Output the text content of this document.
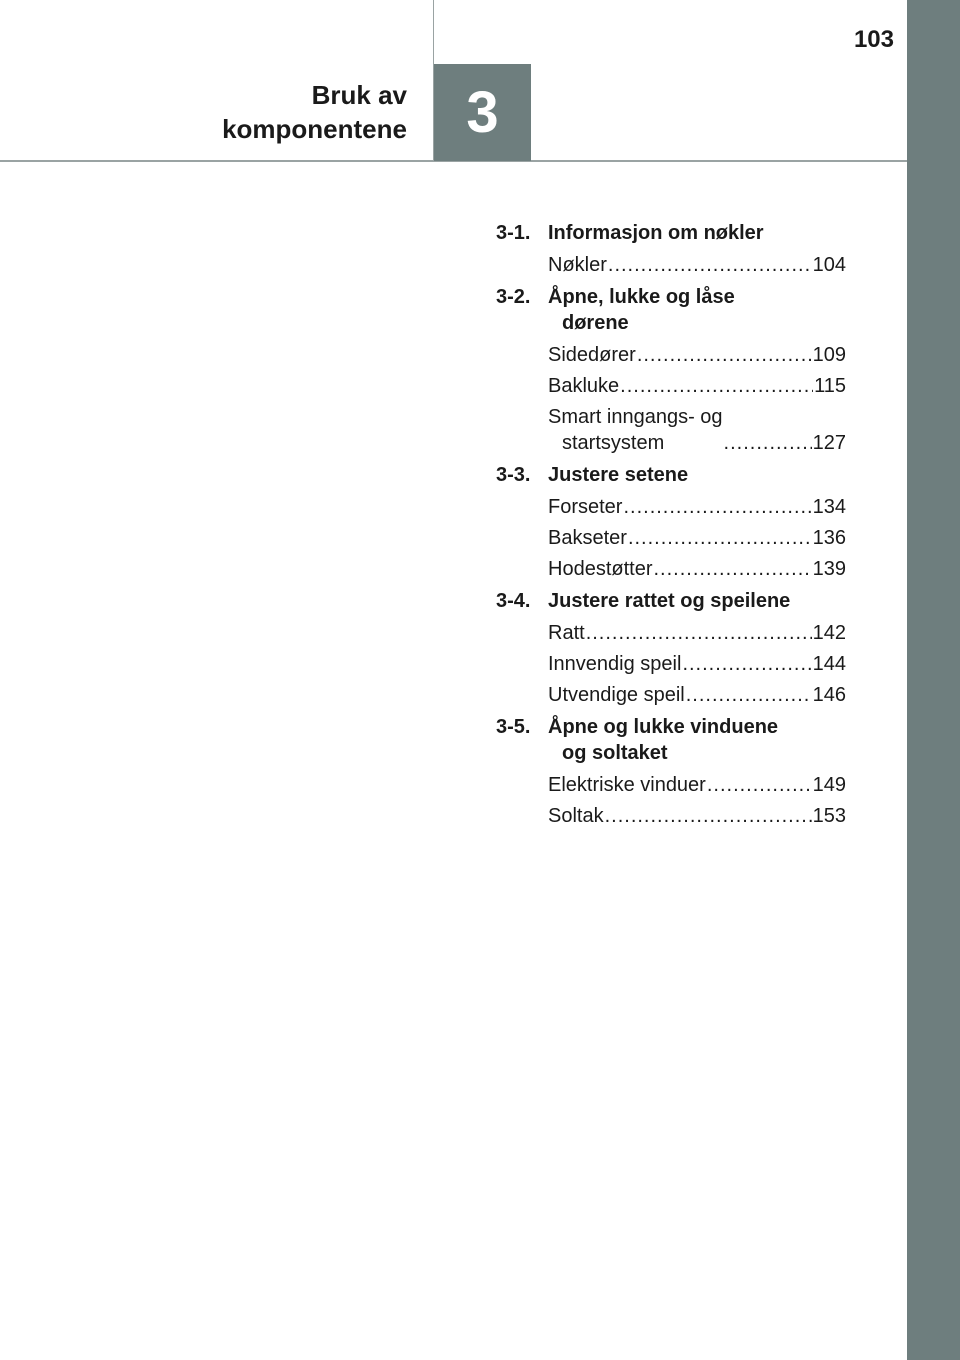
103
Bruk av
komponentene	3
3-1. Informasjon om nøkler
Nøkler .....	104
3-2. Åpne, lukke og låse
dørene
Sidedører .....	109
Bakluke .....	115
Smart inngangs- og
startsystem .....	127
3-3. Justere setene
Forseter .....	134
Bakseter .....	136
Hodestøtter .....	139
3-4. Justere rattet og speilene
Ratt .....	142
Innvendig speil .....	144
Utvendige speil .....	146
3-5. Åpne og lukke vinduene
og soltaket
Elektriske vinduer .....	149
Soltak .....	153
